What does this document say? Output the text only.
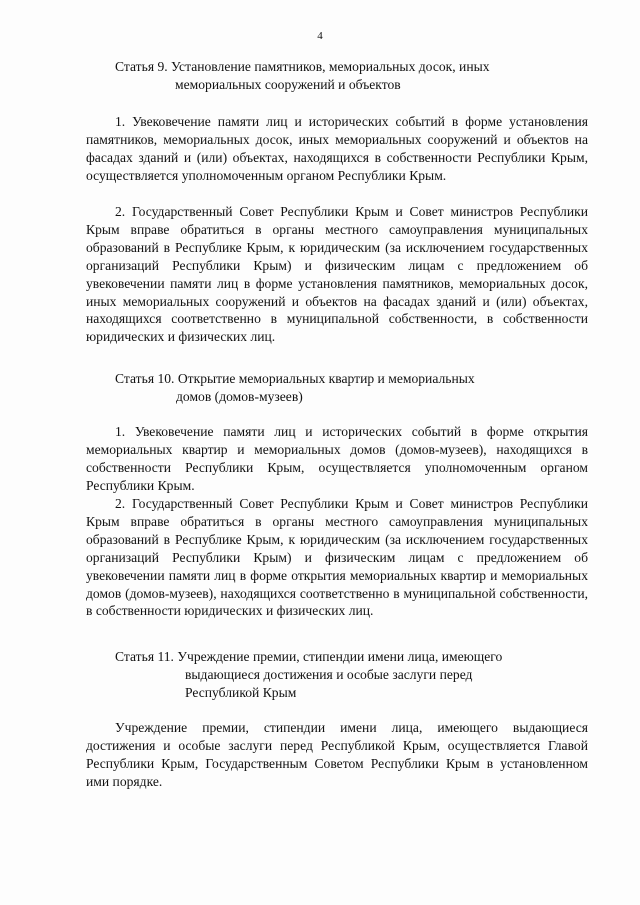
4
Статья 9. Установление памятников, мемориальных досок, иных
мемориальных сооружений и объектов
1. Увековечение памяти лиц и исторических событий в форме установления памятников, мемориальных досок, иных мемориальных сооружений и объектов на фасадах зданий и (или) объектах, находящихся в собственности Республики Крым, осуществляется уполномоченным органом Республики Крым.
2. Государственный Совет Республики Крым и Совет министров Республики Крым вправе обратиться в органы местного самоуправления муниципальных образований в Республике Крым, к юридическим (за исключением государственных организаций Республики Крым) и физическим лицам с предложением об увековечении памяти лиц в форме установления памятников, мемориальных досок, иных мемориальных сооружений и объектов на фасадах зданий и (или) объектах, находящихся соответственно в муниципальной собственности, в собственности юридических и физических лиц.
Статья 10. Открытие мемориальных квартир и мемориальных
домов (домов-музеев)
1. Увековечение памяти лиц и исторических событий в форме открытия мемориальных квартир и мемориальных домов (домов-музеев), находящихся в собственности Республики Крым, осуществляется уполномоченным органом Республики Крым.
2. Государственный Совет Республики Крым и Совет министров Республики Крым вправе обратиться в органы местного самоуправления муниципальных образований в Республике Крым, к юридическим (за исключением государственных организаций Республики Крым) и физическим лицам с предложением об увековечении памяти лиц в форме открытия мемориальных квартир и мемориальных домов (домов-музеев), находящихся соответственно в муниципальной собственности, в собственности юридических и физических лиц.
Статья 11. Учреждение премии, стипендии имени лица, имеющего
выдающиеся достижения и особые заслуги перед
Республикой Крым
Учреждение премии, стипендии имени лица, имеющего выдающиеся достижения и особые заслуги перед Республикой Крым, осуществляется Главой Республики Крым, Государственным Советом Республики Крым в установленном ими порядке.
